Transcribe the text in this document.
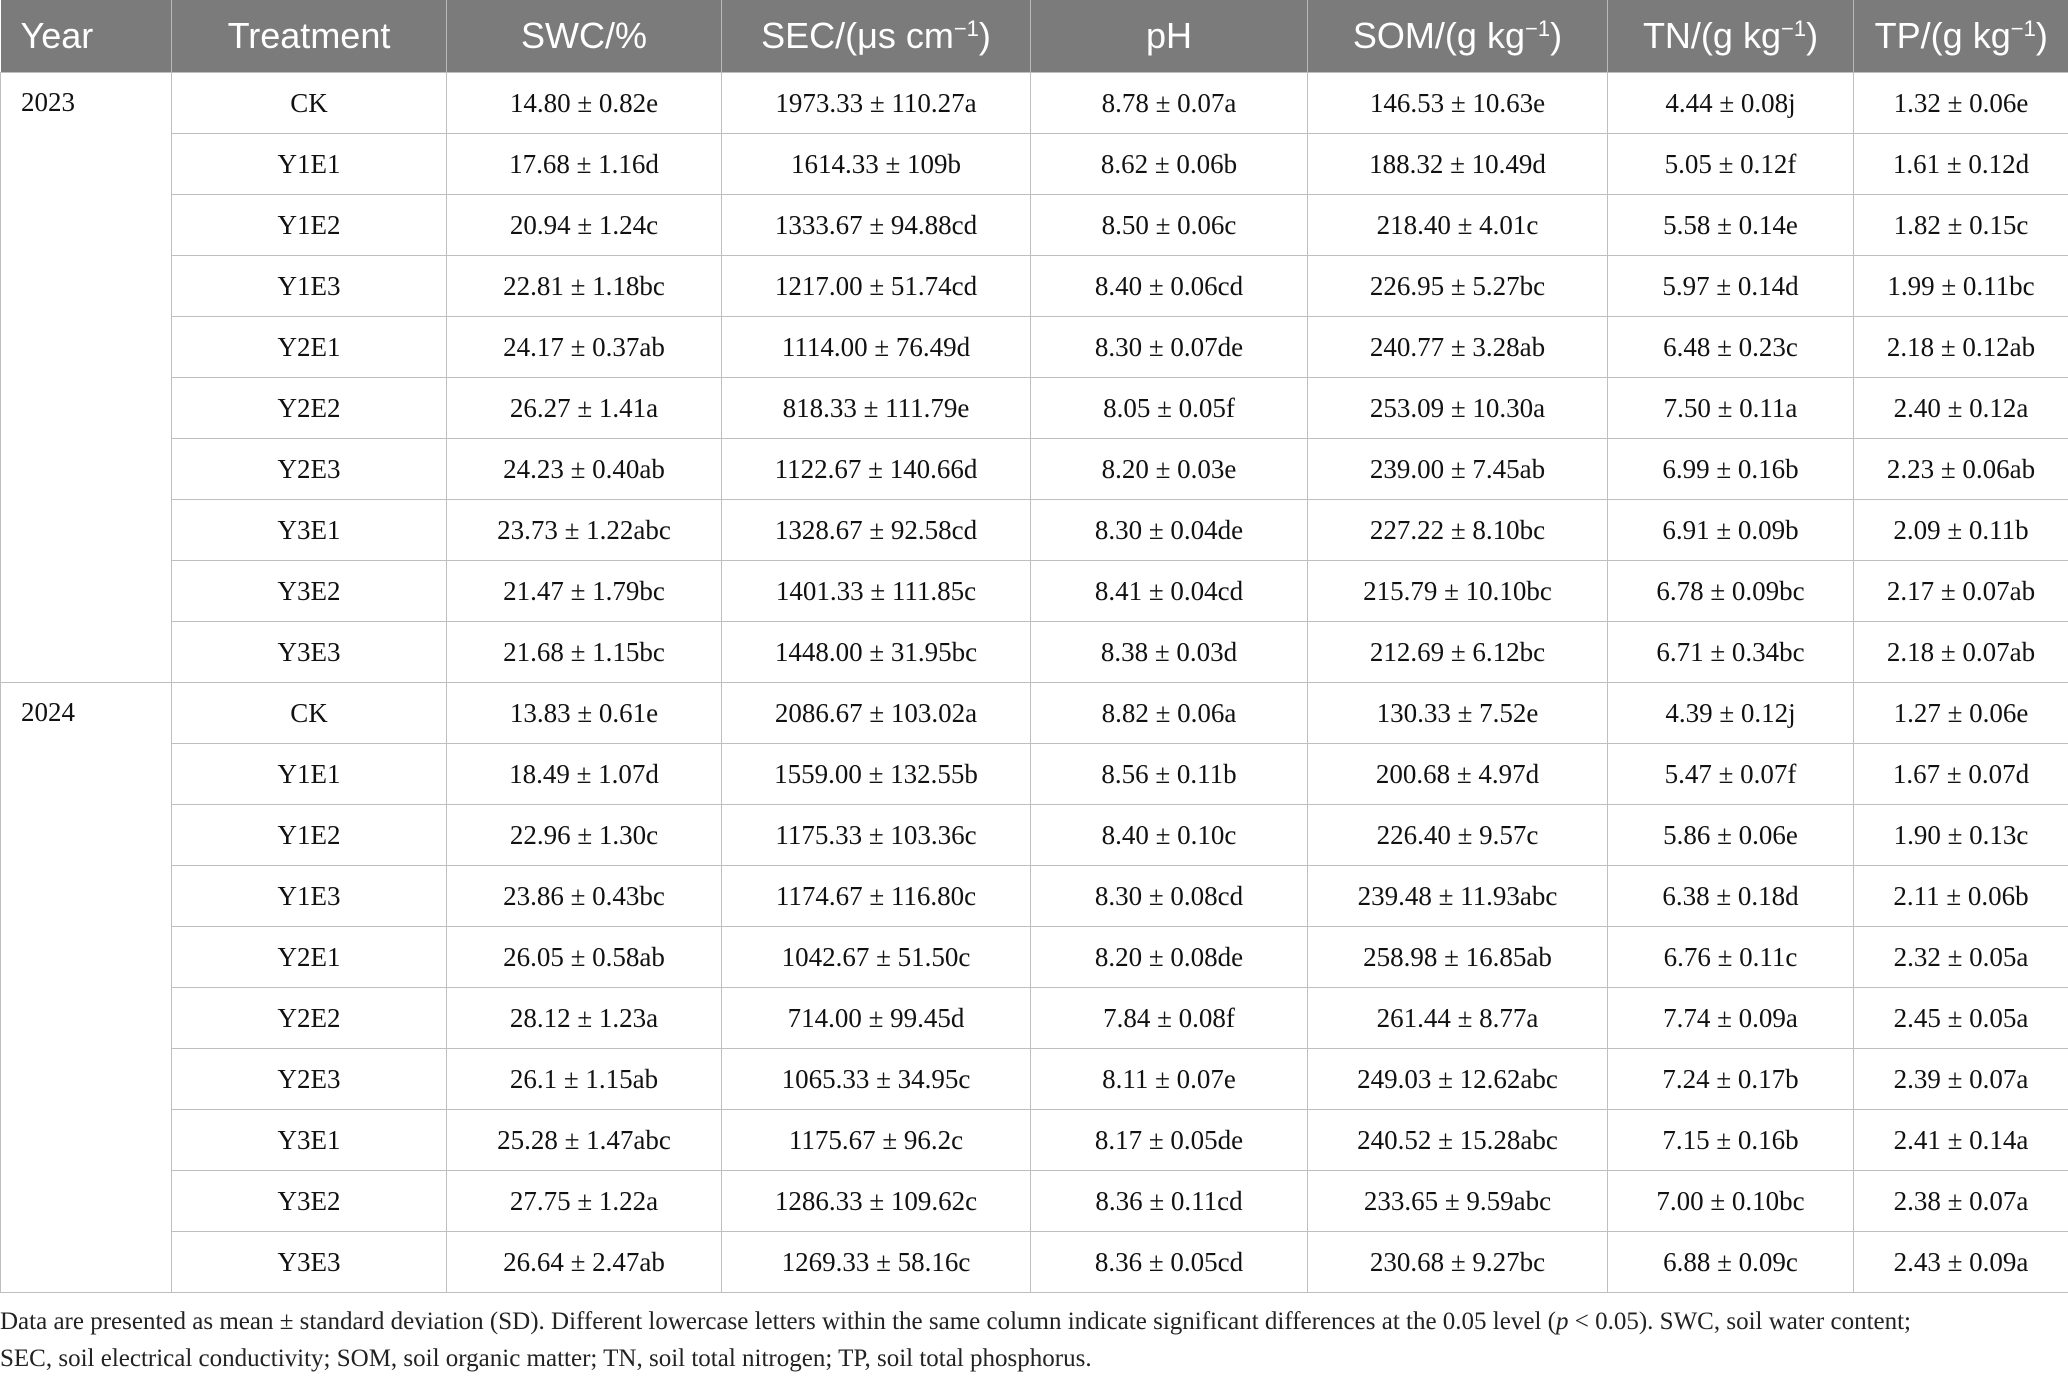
Year	Treatment	SWC/%	SEC/(μs $cm^{-1}$)	pH	SOM/(g $kg^{-1}$)	TN/(g $kg^{-1}$)	TP/(g $kg^{-1}$)
2023	CK	14.80 ± 0.82e	1973.33 ± 110.27a	8.78 ± 0.07a	146.53 ± 10.63e	4.44 ± 0.08j	1.32 ± 0.06e
	Y1E1	17.68 ± 1.16d	1614.33 ± 109b	8.62 ± 0.06b	188.32 ± 10.49d	5.05 ± 0.12f	1.61 ± 0.12d
	Y1E2	20.94 ± 1.24c	1333.67 ± 94.88cd	8.50 ± 0.06c	218.40 ± 4.01c	5.58 ± 0.14e	1.82 ± 0.15c
	Y1E3	22.81 ± 1.18bc	1217.00 ± 51.74cd	8.40 ± 0.06cd	226.95 ± 5.27bc	5.97 ± 0.14d	1.99 ± 0.11bc
	Y2E1	24.17 ± 0.37ab	1114.00 ± 76.49d	8.30 ± 0.07de	240.77 ± 3.28ab	6.48 ± 0.23c	2.18 ± 0.12ab
	Y2E2	26.27 ± 1.41a	818.33 ± 111.79e	8.05 ± 0.05f	253.09 ± 10.30a	7.50 ± 0.11a	2.40 ± 0.12a
	Y2E3	24.23 ± 0.40ab	1122.67 ± 140.66d	8.20 ± 0.03e	239.00 ± 7.45ab	6.99 ± 0.16b	2.23 ± 0.06ab
	Y3E1	23.73 ± 1.22abc	1328.67 ± 92.58cd	8.30 ± 0.04de	227.22 ± 8.10bc	6.91 ± 0.09b	2.09 ± 0.11b
	Y3E2	21.47 ± 1.79bc	1401.33 ± 111.85c	8.41 ± 0.04cd	215.79 ± 10.10bc	6.78 ± 0.09bc	2.17 ± 0.07ab
	Y3E3	21.68 ± 1.15bc	1448.00 ± 31.95bc	8.38 ± 0.03d	212.69 ± 6.12bc	6.71 ± 0.34bc	2.18 ± 0.07ab
2024	CK	13.83 ± 0.61e	2086.67 ± 103.02a	8.82 ± 0.06a	130.33 ± 7.52e	4.39 ± 0.12j	1.27 ± 0.06e
	Y1E1	18.49 ± 1.07d	1559.00 ± 132.55b	8.56 ± 0.11b	200.68 ± 4.97d	5.47 ± 0.07f	1.67 ± 0.07d
	Y1E2	22.96 ± 1.30c	1175.33 ± 103.36c	8.40 ± 0.10c	226.40 ± 9.57c	5.86 ± 0.06e	1.90 ± 0.13c
	Y1E3	23.86 ± 0.43bc	1174.67 ± 116.80c	8.30 ± 0.08cd	239.48 ± 11.93abc	6.38 ± 0.18d	2.11 ± 0.06b
	Y2E1	26.05 ± 0.58ab	1042.67 ± 51.50c	8.20 ± 0.08de	258.98 ± 16.85ab	6.76 ± 0.11c	2.32 ± 0.05a
	Y2E2	28.12 ± 1.23a	714.00 ± 99.45d	7.84 ± 0.08f	261.44 ± 8.77a	7.74 ± 0.09a	2.45 ± 0.05a
	Y2E3	26.1 ± 1.15ab	1065.33 ± 34.95c	8.11 ± 0.07e	249.03 ± 12.62abc	7.24 ± 0.17b	2.39 ± 0.07a
	Y3E1	25.28 ± 1.47abc	1175.67 ± 96.2c	8.17 ± 0.05de	240.52 ± 15.28abc	7.15 ± 0.16b	2.41 ± 0.14a
	Y3E2	27.75 ± 1.22a	1286.33 ± 109.62c	8.36 ± 0.11cd	233.65 ± 9.59abc	7.00 ± 0.10bc	2.38 ± 0.07a
	Y3E3	26.64 ± 2.47ab	1269.33 ± 58.16c	8.36 ± 0.05cd	230.68 ± 9.27bc	6.88 ± 0.09c	2.43 ± 0.09a
Data are presented as mean ± standard deviation (SD). Different lowercase letters within the same column indicate significant differences at the 0.05 level (p < 0.05). SWC, soil water content;
SEC, soil electrical conductivity; SOM, soil organic matter; TN, soil total nitrogen; TP, soil total phosphorus.
